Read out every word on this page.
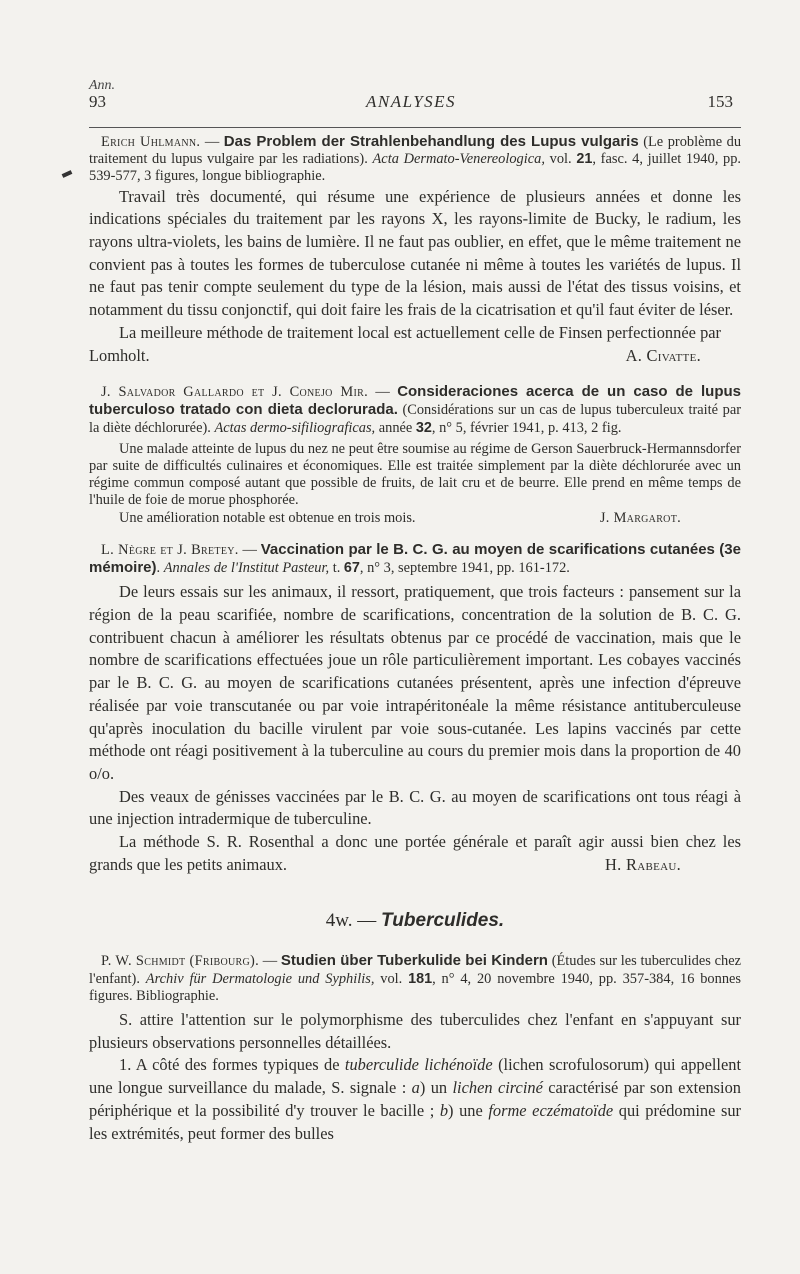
Ann.
93	ANALYSES	153

Erich Uhlmann. — Das Problem der Strahlenbehandlung des Lupus vulgaris (Le problème du traitement du lupus vulgaire par les radiations). Acta Dermato-Venereologica, vol. 21, fasc. 4, juillet 1940, pp. 539-577, 3 figures, longue bibliographie.

Travail très documenté, qui résume une expérience de plusieurs années et donne les indications spéciales du traitement par les rayons X, les rayons-limite de Bucky, le radium, les rayons ultra-violets, les bains de lumière. Il ne faut pas oublier, en effet, que le même traitement ne convient pas à toutes les formes de tuberculose cutanée ni même à toutes les variétés de lupus. Il ne faut pas tenir compte seulement du type de la lésion, mais aussi de l'état des tissus voisins, et notamment du tissu conjonctif, qui doit faire les frais de la cicatrisation et qu'il faut éviter de léser.

La meilleure méthode de traitement local est actuellement celle de Finsen perfectionnée par Lomholt.	A. Civatte.

J. Salvador Gallardo et J. Conejo Mir. — Consideraciones acerca de un caso de lupus tuberculoso tratado con dieta declorurada. (Considérations sur un cas de lupus tuberculeux traité par la diète déchlorurée). Actas dermo-sifiliograficas, année 32, n° 5, février 1941, p. 413, 2 fig.

Une malade atteinte de lupus du nez ne peut être soumise au régime de Gerson Sauerbruck-Hermannsdorfer par suite de difficultés culinaires et économiques. Elle est traitée simplement par la diète déchlorurée avec un régime commun composé autant que possible de fruits, de lait cru et de beurre. Elle prend en même temps de l'huile de foie de morue phosphorée.

Une amélioration notable est obtenue en trois mois.	J. Margarot.

L. Nègre et J. Bretey. — Vaccination par le B. C. G. au moyen de scarifications cutanées (3e mémoire). Annales de l'Institut Pasteur, t. 67, n° 3, septembre 1941, pp. 161-172.

De leurs essais sur les animaux, il ressort, pratiquement, que trois facteurs : pansement sur la région de la peau scarifiée, nombre de scarifications, concentration de la solution de B. C. G. contribuent chacun à améliorer les résultats obtenus par ce procédé de vaccination, mais que le nombre de scarifications effectuées joue un rôle particulièrement important. Les cobayes vaccinés par le B. C. G. au moyen de scarifications cutanées présentent, après une infection d'épreuve réalisée par voie transcutanée ou par voie intrapéritonéale la même résistance antituberculeuse qu'après inoculation du bacille virulent par voie sous-cutanée. Les lapins vaccinés par cette méthode ont réagi positivement à la tuberculine au cours du premier mois dans la proportion de 40 o/o.

Des veaux de génisses vaccinées par le B. C. G. au moyen de scarifications ont tous réagi à une injection intradermique de tuberculine.

La méthode S. R. Rosenthal a donc une portée générale et paraît agir aussi bien chez les grands que les petits animaux.	H. Rabeau.

4w. — Tuberculides.

P. W. Schmidt (Fribourg). — Studien über Tuberkulide bei Kindern (Études sur les tuberculides chez l'enfant). Archiv für Dermatologie und Syphilis, vol. 181, n° 4, 20 novembre 1940, pp. 357-384, 16 bonnes figures. Bibliographie.

S. attire l'attention sur le polymorphisme des tuberculides chez l'enfant en s'appuyant sur plusieurs observations personnelles détaillées.

1. A côté des formes typiques de tuberculide lichénoïde (lichen scrofulosorum) qui appellent une longue surveillance du malade, S. signale : a) un lichen circiné caractérisé par son extension périphérique et la possibilité d'y trouver le bacille ; b) une forme eczématoïde qui prédomine sur les extrémités, peut former des bulles
